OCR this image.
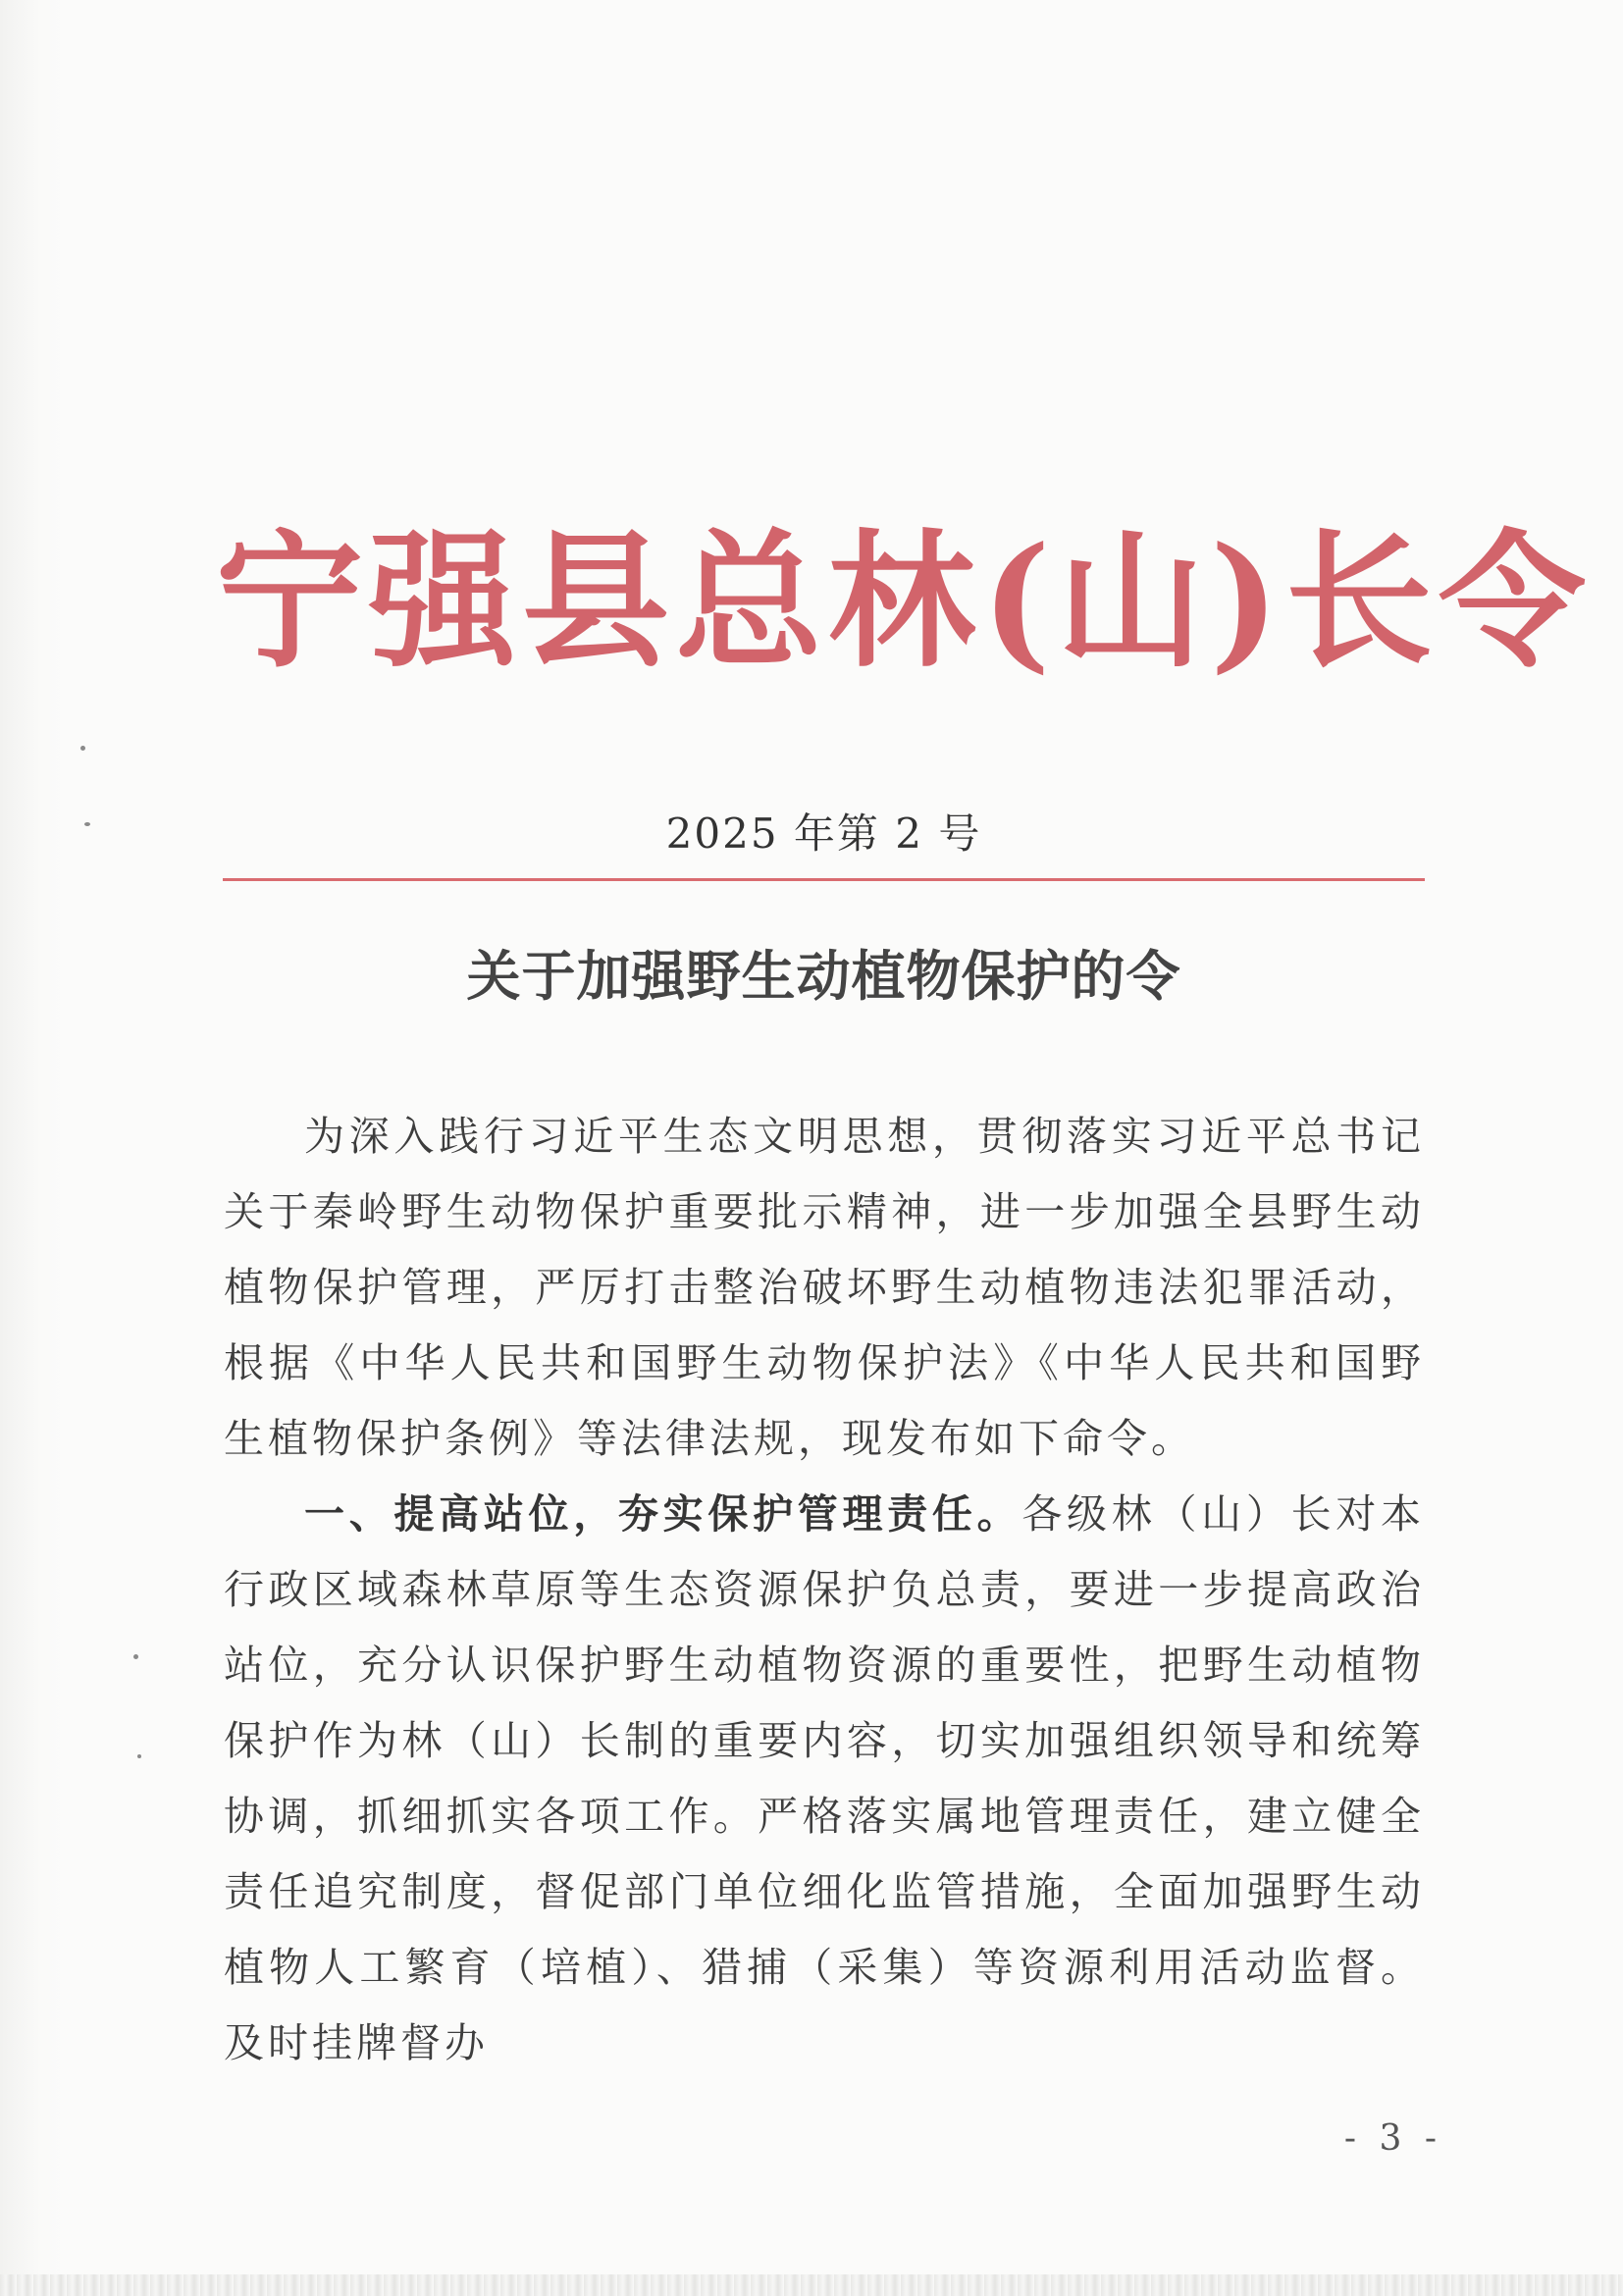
宁强县总林(山)长令
2025 年第 2 号
关于加强野生动植物保护的令

为深入践行习近平生态文明思想，贯彻落实习近平总书记关于秦岭野生动物保护重要批示精神，进一步加强全县野生动植物保护管理，严厉打击整治破坏野生动植物违法犯罪活动，根据《中华人民共和国野生动物保护法》《中华人民共和国野生植物保护条例》等法律法规，现发布如下命令。

一、提高站位，夯实保护管理责任。各级林（山）长对本行政区域森林草原等生态资源保护负总责，要进一步提高政治站位，充分认识保护野生动植物资源的重要性，把野生动植物保护作为林（山）长制的重要内容，切实加强组织领导和统筹协调，抓细抓实各项工作。严格落实属地管理责任，建立健全责任追究制度，督促部门单位细化监管措施，全面加强野生动植物人工繁育（培植）、猎捕（采集）等资源利用活动监督。及时挂牌督办

- 3 -
